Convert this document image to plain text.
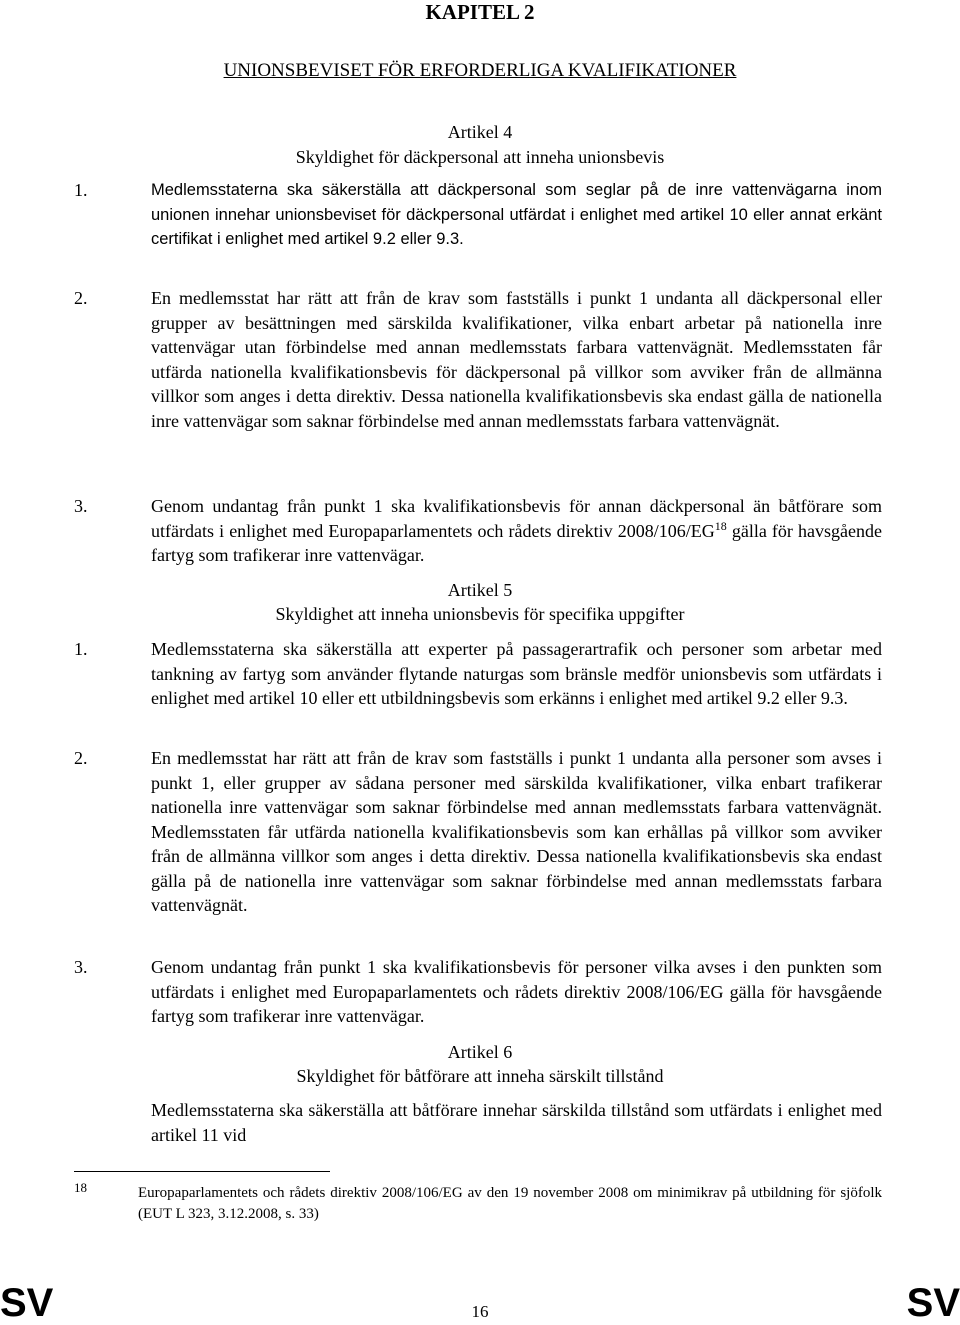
KAPITEL 2
UNIONSBEVISET FÖR ERFORDERLIGA KVALIFIKATIONER
Artikel 4
Skyldighet för däckpersonal att inneha unionsbevis
1.	Medlemsstaterna ska säkerställa att däckpersonal som seglar på de inre vattenvägarna inom unionen innehar unionsbeviset för däckpersonal utfärdat i enlighet med artikel 10 eller annat erkänt certifikat i enlighet med artikel 9.2 eller 9.3.
2.	En medlemsstat har rätt att från de krav som fastställs i punkt 1 undanta all däckpersonal eller grupper av besättningen med särskilda kvalifikationer, vilka enbart arbetar på nationella inre vattenvägar utan förbindelse med annan medlemsstats farbara vattenvägnät. Medlemsstaten får utfärda nationella kvalifikationsbevis för däckpersonal på villkor som avviker från de allmänna villkor som anges i detta direktiv. Dessa nationella kvalifikationsbevis ska endast gälla de nationella inre vattenvägar som saknar förbindelse med annan medlemsstats farbara vattenvägnät.
3.	Genom undantag från punkt 1 ska kvalifikationsbevis för annan däckpersonal än båtförare som utfärdats i enlighet med Europaparlamentets och rådets direktiv 2008/106/EG$^{18}$ gälla för havsgående fartyg som trafikerar inre vattenvägar.
Artikel 5
Skyldighet att inneha unionsbevis för specifika uppgifter
1.	Medlemsstaterna ska säkerställa att experter på passagerartrafik och personer som arbetar med tankning av fartyg som använder flytande naturgas som bränsle medför unionsbevis som utfärdats i enlighet med artikel 10 eller ett utbildningsbevis som erkänns i enlighet med artikel 9.2 eller 9.3.
2.	En medlemsstat har rätt att från de krav som fastställs i punkt 1 undanta alla personer som avses i punkt 1, eller grupper av sådana personer med särskilda kvalifikationer, vilka enbart trafikerar nationella inre vattenvägar som saknar förbindelse med annan medlemsstats farbara vattenvägnät. Medlemsstaten får utfärda nationella kvalifikationsbevis som kan erhållas på villkor som avviker från de allmänna villkor som anges i detta direktiv. Dessa nationella kvalifikationsbevis ska endast gälla på de nationella inre vattenvägar som saknar förbindelse med annan medlemsstats farbara vattenvägnät.
3.	Genom undantag från punkt 1 ska kvalifikationsbevis för personer vilka avses i den punkten som utfärdats i enlighet med Europaparlamentets och rådets direktiv 2008/106/EG gälla för havsgående fartyg som trafikerar inre vattenvägar.
Artikel 6
Skyldighet för båtförare att inneha särskilt tillstånd
Medlemsstaterna ska säkerställa att båtförare innehar särskilda tillstånd som utfärdats i enlighet med artikel 11 vid
18	Europaparlamentets och rådets direktiv 2008/106/EG av den 19 november 2008 om minimikrav på utbildning för sjöfolk (EUT L 323, 3.12.2008, s. 33)
SV	16	SV
